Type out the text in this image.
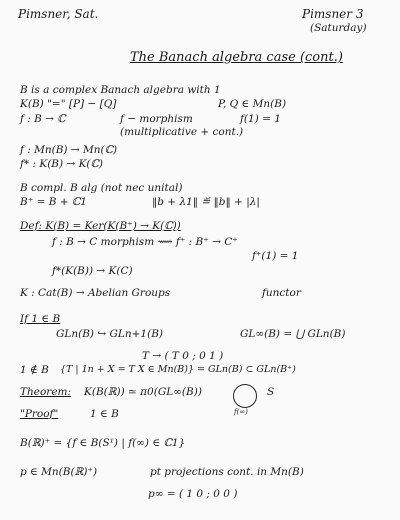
Pimsner, Sat.	Pimsner 3
(Saturday)
The Banach algebra case (cont.)
B is a complex Banach algebra with 1
K(B) "=" [P] − [Q]	P, Q ∈ Mn(B)
f : B → ℂ	f − morphism	f(1) = 1
(multiplicative + cont.)
f : Mn(B) → Mn(ℂ)
f* : K(B) → K(ℂ)
B compl. B alg (not nec unital)
B⁺ = B + ℂ1	‖b + λ1‖ ≝ ‖b‖ + |λ|
Def: K(B) = Ker(K(B⁺) → K(ℂ))
f : B → C morphism ⟿ f⁺ : B⁺ → C⁺
f⁺(1) = 1
f*(K(B)) → K(C)
K : Cat(B) → Abelian Groups	functor
If 1 ∈ B
GLn(B) ↪ GLn+1(B)	GL∞(B) = ⋃ GLn(B)
T → ( T 0 ; 0 1 )
1 ∉ B {T | 1n + X = T X ∈ Mn(B)} = GLn(B) ⊂ GLn(B⁺)
Theorem: K(B(ℝ)) ≃ π0(GL∞(B))
"Proof"	1 ∈ B	f(∞)
S
B(ℝ)⁺ = {f ∈ B(S¹) | f(∞) ∈ ℂ1}
p ∈ Mn(B(ℝ)⁺)	pt projections cont. in Mn(B)
p∞ = ( 1 0 ; 0 0 )
